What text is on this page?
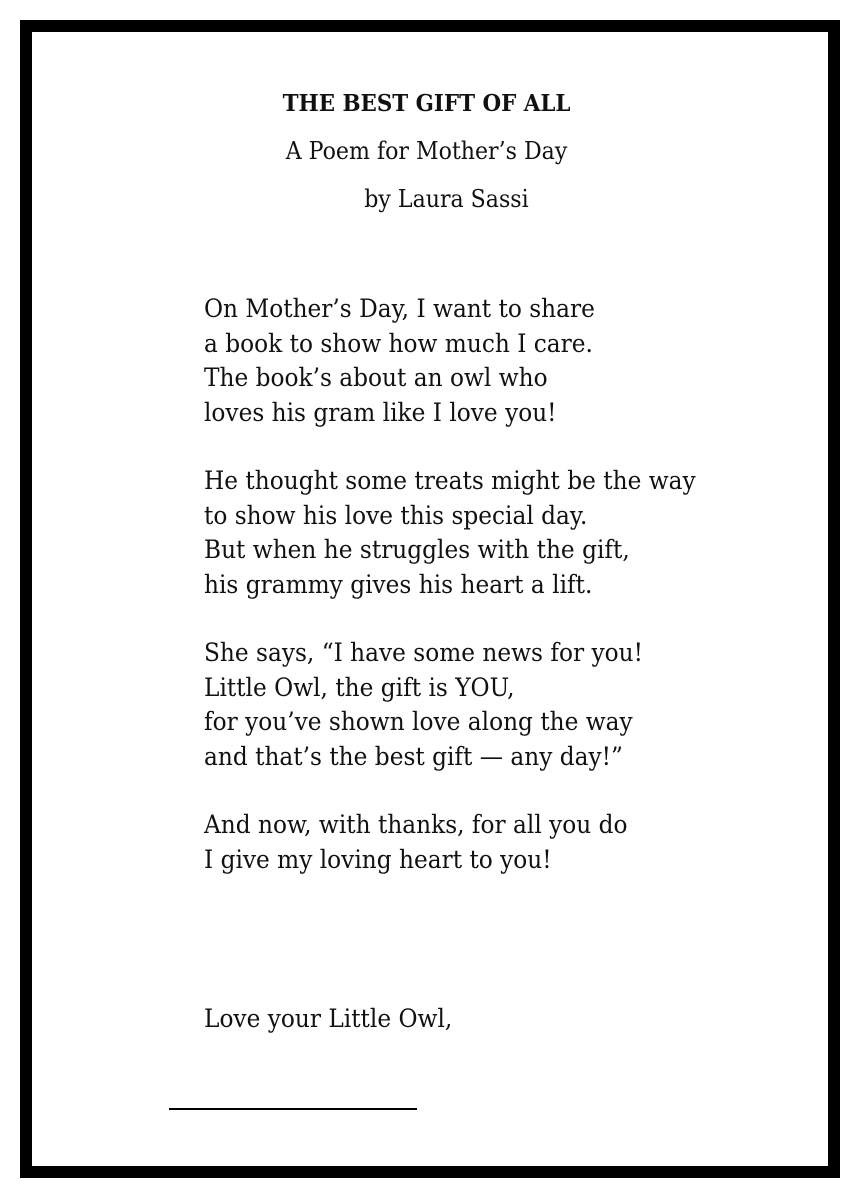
THE BEST GIFT OF ALL
A Poem for Mother’s Day
by Laura Sassi
On Mother’s Day, I want to share
a book to show how much I care.
The book’s about an owl who
loves his gram like I love you!
He thought some treats might be the way
to show his love this special day.
But when he struggles with the gift,
his grammy gives his heart a lift.
She says, “I have some news for you!
Little Owl, the gift is YOU,
for you’ve shown love along the way
and that’s the best gift — any day!”
And now, with thanks, for all you do
I give my loving heart to you!
Love your Little Owl,
